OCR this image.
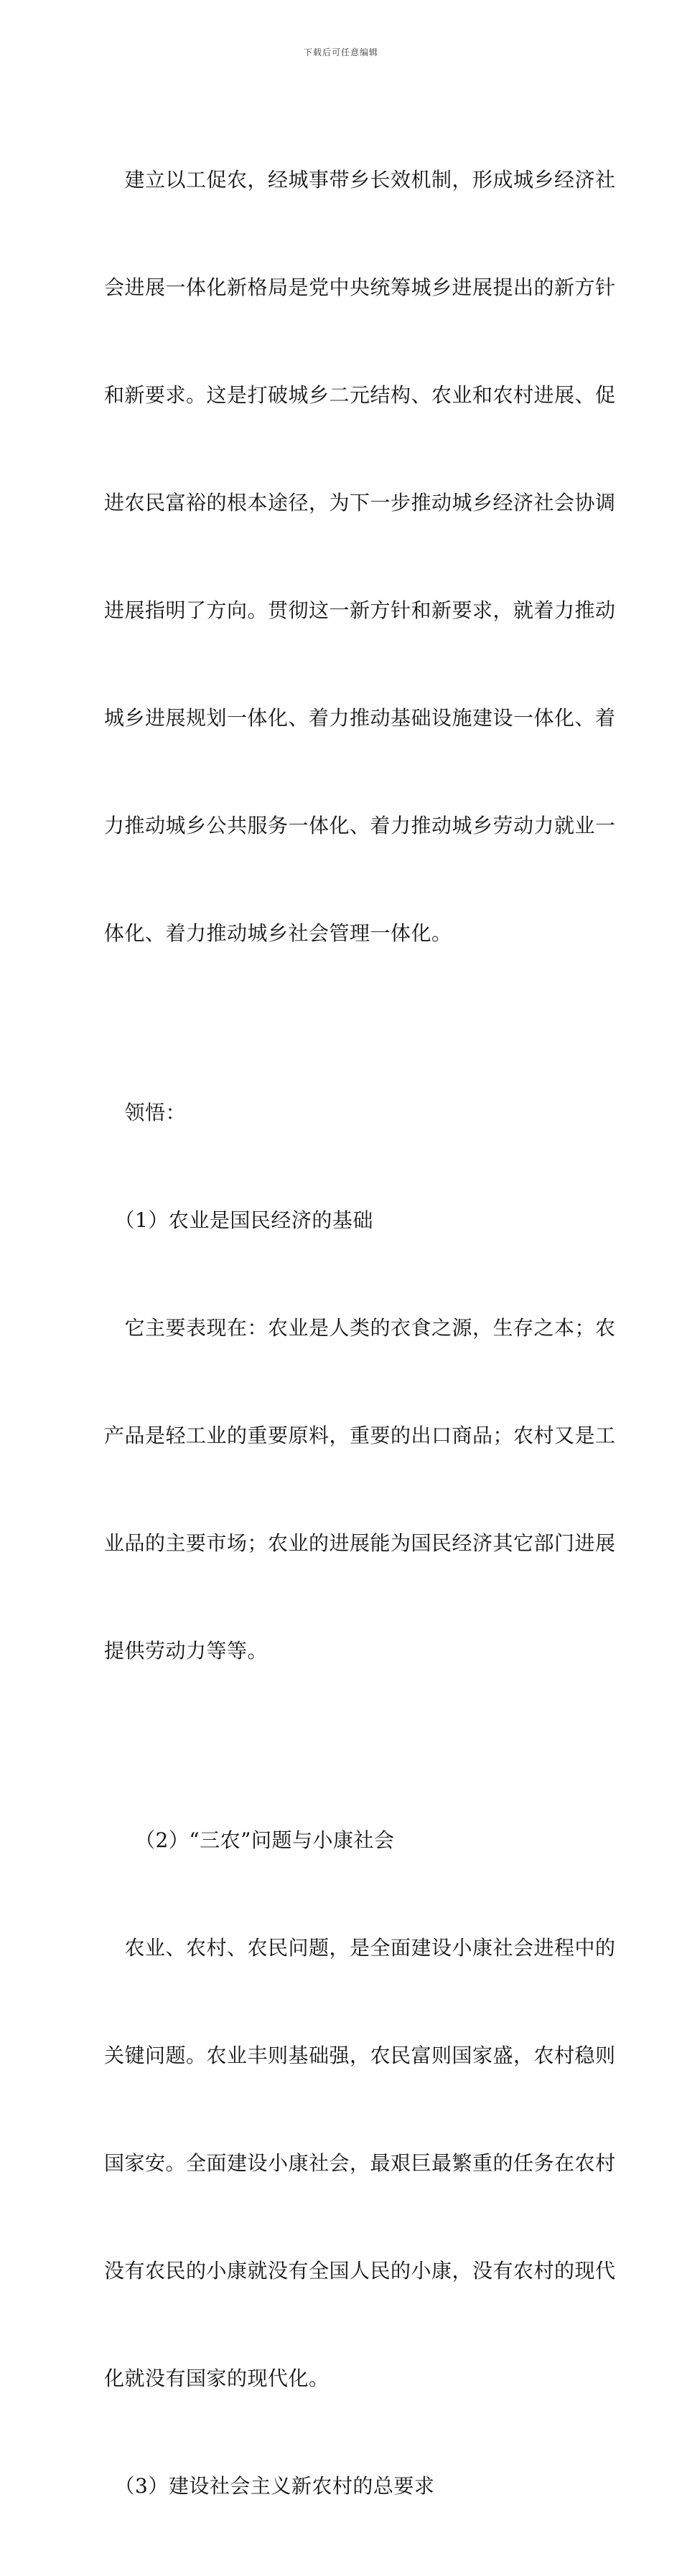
下载后可任意编辑

　建立以工促农，经城事带乡长效机制，形成城乡经济社

会进展一体化新格局是党中央统筹城乡进展提出的新方针

和新要求。这是打破城乡二元结构、农业和农村进展、促

进农民富裕的根本途径，为下一步推动城乡经济社会协调

进展指明了方向。贯彻这一新方针和新要求，就着力推动

城乡进展规划一体化、着力推动基础设施建设一体化、着

力推动城乡公共服务一体化、着力推动城乡劳动力就业一

体化、着力推动城乡社会管理一体化。

　领悟：

　（1）农业是国民经济的基础

　它主要表现在：农业是人类的衣食之源，生存之本；农

产品是轻工业的重要原料，重要的出口商品；农村又是工

业品的主要市场；农业的进展能为国民经济其它部门进展

提供劳动力等等。

　　（2）“三农”问题与小康社会

　农业、农村、农民问题，是全面建设小康社会进程中的

关键问题。农业丰则基础强，农民富则国家盛，农村稳则

国家安。全面建设小康社会，最艰巨最繁重的任务在农村

没有农民的小康就没有全国人民的小康，没有农村的现代

化就没有国家的现代化。

　（3）建设社会主义新农村的总要求
